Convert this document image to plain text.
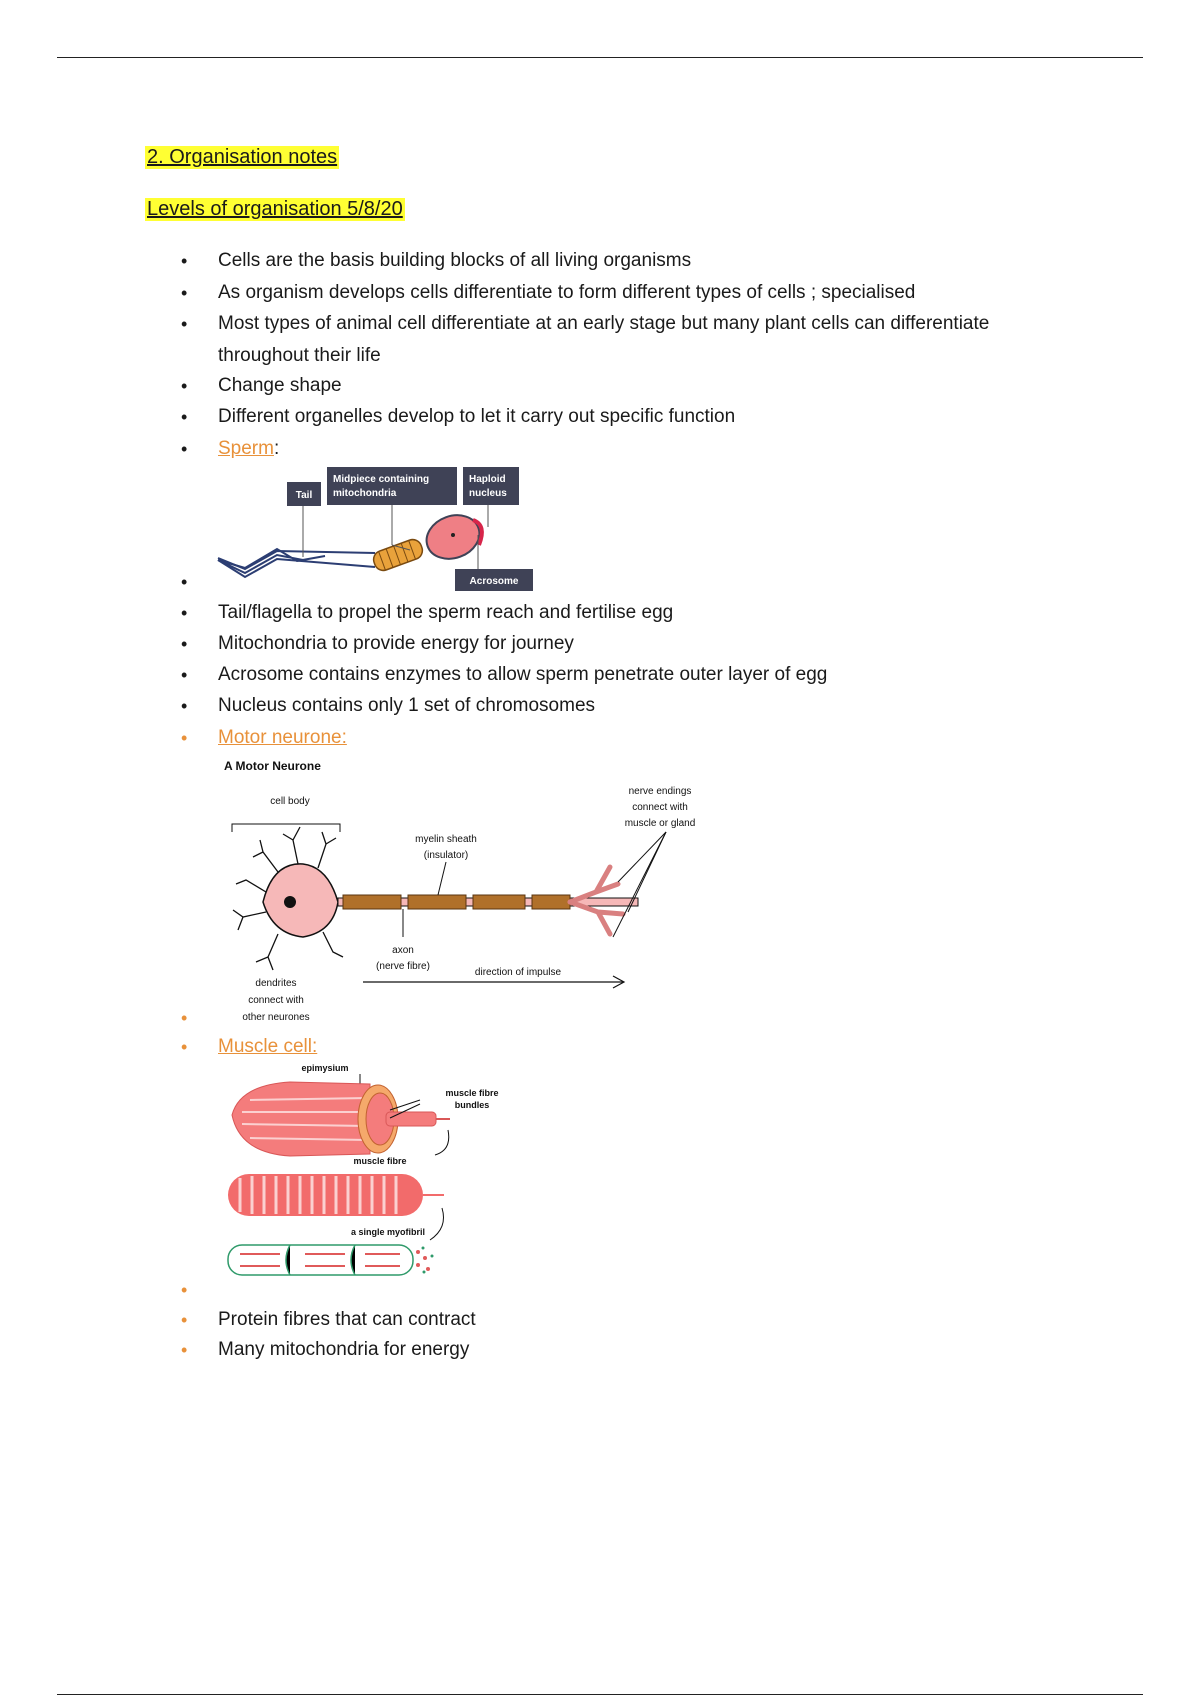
2. Organisation notes
Levels of organisation 5/8/20
• Cells are the basis building blocks of all living organisms
• As organism develops cells differentiate to form different types of cells ; specialised
• Most types of animal cell differentiate at an early stage but many plant cells can differentiate
throughout their life
• Change shape
• Different organelles develop to let it carry out specific function
• Sperm:
Tail
Midpiece containing
mitochondria
Haploid
nucleus
Acrosome
•
• Tail/flagella to propel the sperm reach and fertilise egg
• Mitochondria to provide energy for journey
• Acrosome contains enzymes to allow sperm penetrate outer layer of egg
• Nucleus contains only 1 set of chromosomes
• Motor neurone:
A Motor Neurone
cell body
myelin sheath
(insulator)
nerve endings
connect with
muscle or gland
axon
(nerve fibre)
direction of impulse
dendrites
connect with
other neurones
•
• Muscle cell:
epimysium
muscle fibre
bundles
muscle fibre
a single myofibril
•
• Protein fibres that can contract
• Many mitochondria for energy
